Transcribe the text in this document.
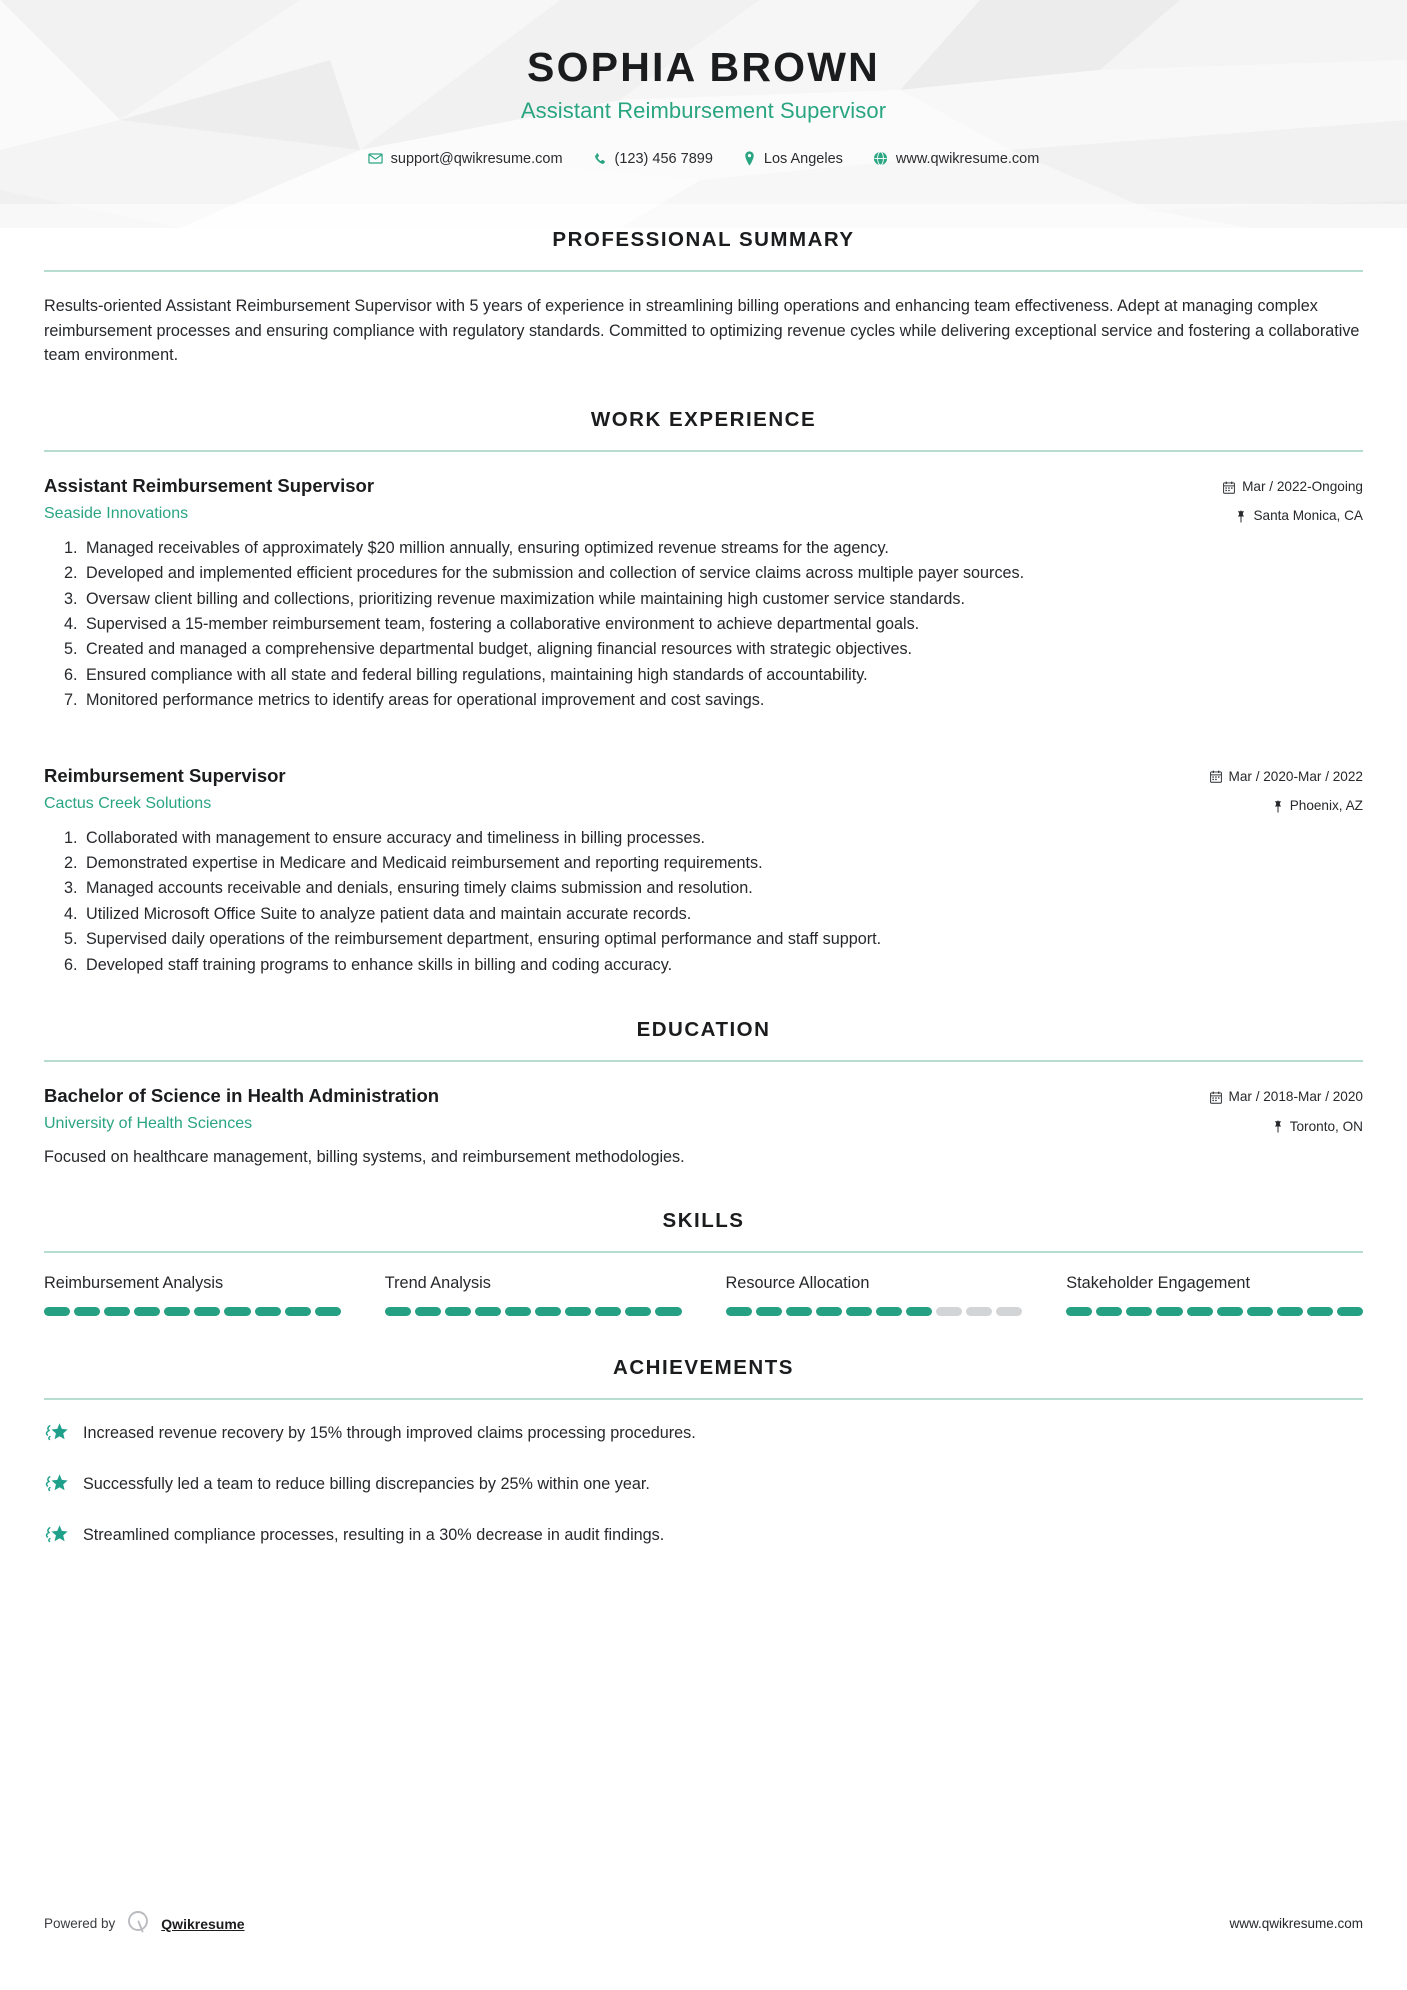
SOPHIA BROWN
Assistant Reimbursement Supervisor
support@qwikresume.com	(123) 456 7899	Los Angeles	www.qwikresume.com
PROFESSIONAL SUMMARY

Results-oriented Assistant Reimbursement Supervisor with 5 years of experience in streamlining billing operations and enhancing team effectiveness. Adept at managing complex reimbursement processes and ensuring compliance with regulatory standards. Committed to optimizing revenue cycles while delivering exceptional service and fostering a collaborative team environment.

WORK EXPERIENCE
Assistant Reimbursement Supervisor
Seaside Innovations
Mar / 2022-Ongoing
Santa Monica, CA
1. Managed receivables of approximately $20 million annually, ensuring optimized revenue streams for the agency.
2. Developed and implemented efficient procedures for the submission and collection of service claims across multiple payer sources.
3. Oversaw client billing and collections, prioritizing revenue maximization while maintaining high customer service standards.
4. Supervised a 15-member reimbursement team, fostering a collaborative environment to achieve departmental goals.
5. Created and managed a comprehensive departmental budget, aligning financial resources with strategic objectives.
6. Ensured compliance with all state and federal billing regulations, maintaining high standards of accountability.
7. Monitored performance metrics to identify areas for operational improvement and cost savings.
Reimbursement Supervisor
Cactus Creek Solutions
Mar / 2020-Mar / 2022
Phoenix, AZ
1. Collaborated with management to ensure accuracy and timeliness in billing processes.
2. Demonstrated expertise in Medicare and Medicaid reimbursement and reporting requirements.
3. Managed accounts receivable and denials, ensuring timely claims submission and resolution.
4. Utilized Microsoft Office Suite to analyze patient data and maintain accurate records.
5. Supervised daily operations of the reimbursement department, ensuring optimal performance and staff support.
6. Developed staff training programs to enhance skills in billing and coding accuracy.
EDUCATION
Bachelor of Science in Health Administration
University of Health Sciences
Mar / 2018-Mar / 2020
Toronto, ON
Focused on healthcare management, billing systems, and reimbursement methodologies.
SKILLS
Reimbursement Analysis	Trend Analysis	Resource Allocation	Stakeholder Engagement
ACHIEVEMENTS
Increased revenue recovery by 15% through improved claims processing procedures.
Successfully led a team to reduce billing discrepancies by 25% within one year.
Streamlined compliance processes, resulting in a 30% decrease in audit findings.
Powered by	Qwikresume	www.qwikresume.com
